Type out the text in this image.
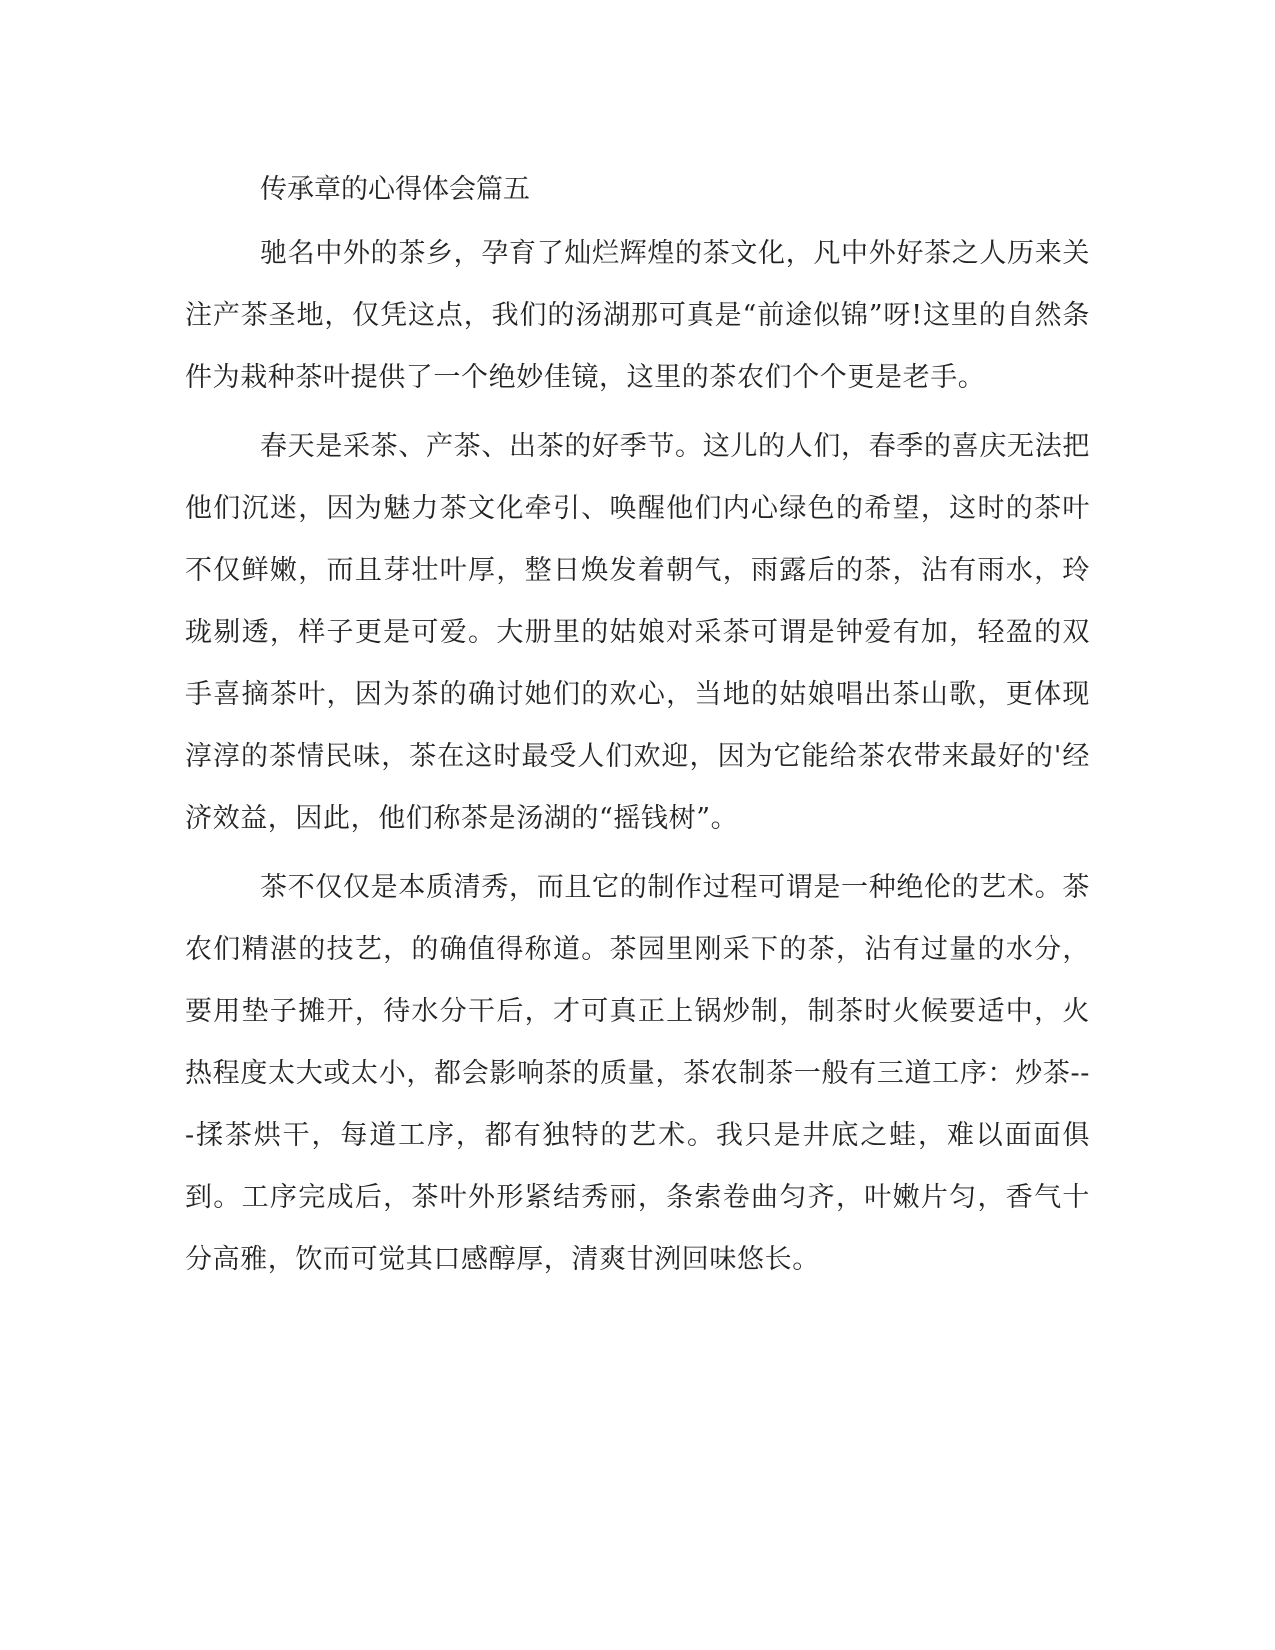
传承章的心得体会篇五

驰名中外的茶乡，孕育了灿烂辉煌的茶文化，凡中外好茶之人历来关注产茶圣地，仅凭这点，我们的汤湖那可真是“前途似锦”呀!这里的自然条件为栽种茶叶提供了一个绝妙佳镜，这里的茶农们个个更是老手。

春天是采茶、产茶、出茶的好季节。这儿的人们，春季的喜庆无法把他们沉迷，因为魅力茶文化牵引、唤醒他们内心绿色的希望，这时的茶叶不仅鲜嫩，而且芽壮叶厚，整日焕发着朝气，雨露后的茶，沾有雨水，玲珑剔透，样子更是可爱。大册里的姑娘对采茶可谓是钟爱有加，轻盈的双手喜摘茶叶，因为茶的确讨她们的欢心，当地的姑娘唱出茶山歌，更体现淳淳的茶情民味，茶在这时最受人们欢迎，因为它能给茶农带来最好的'经济效益，因此，他们称茶是汤湖的“摇钱树”。

茶不仅仅是本质清秀，而且它的制作过程可谓是一种绝伦的艺术。茶农们精湛的技艺，的确值得称道。茶园里刚采下的茶，沾有过量的水分，要用垫子摊开，待水分干后，才可真正上锅炒制，制茶时火候要适中，火热程度太大或太小，都会影响茶的质量，茶农制茶一般有三道工序：炒茶---揉茶烘干，每道工序，都有独特的艺术。我只是井底之蛙，难以面面俱到。工序完成后，茶叶外形紧结秀丽，条索卷曲匀齐，叶嫩片匀，香气十分高雅，饮而可觉其口感醇厚，清爽甘洌回味悠长。
